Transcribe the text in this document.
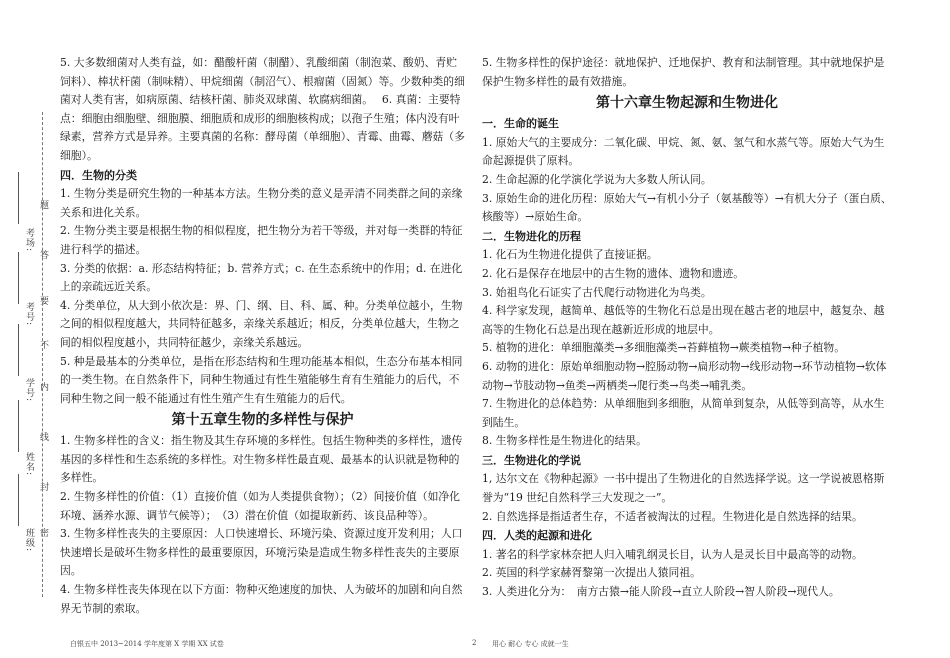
考场:
考号:
学号:
姓名:
班级:
题
答
要
不
内
线
封
密

5. 大多数细菌对人类有益，如：醋酸杆菌（制醋）、乳酸细菌（制泡菜、酸奶、青贮饲料）、棒状杆菌（制味精）、甲烷细菌（制沼气）、根瘤菌（固氮）等。少数种类的细菌对人类有害，如病原菌、结核杆菌、肺炎双球菌、软腐病细菌。　 6. 真菌：主要特点：细胞由细胞壁、细胞膜、细胞质和成形的细胞核构成；以孢子生殖；体内没有叶绿素，营养方式是异养。主要真菌的名称：酵母菌（单细胞）、青霉、曲霉、蘑菇（多细胞）。

四．生物的分类

1. 生物分类是研究生物的一种基本方法。生物分类的意义是弄清不同类群之间的亲缘关系和进化关系。

2. 生物分类主要是根据生物的相似程度，把生物分为若干等级，并对每一类群的特征进行科学的描述。

3. 分类的依据：a. 形态结构特征；b. 营养方式；c. 在生态系统中的作用；d. 在进化上的亲疏远近关系。

4. 分类单位，从大到小依次是：界、门、纲、目、科、属、种。分类单位越小，生物之间的相似程度越大，共同特征越多，亲缘关系越近；相反，分类单位越大，生物之间的相似程度越小，共同特征越少，亲缘关系越远。

5. 种是最基本的分类单位，是指在形态结构和生理功能基本相似，生态分布基本相同的一类生物。在自然条件下，同种生物通过有性生殖能够生育有生殖能力的后代，不同种生物之间一般不能通过有性生殖产生有生殖能力的后代。

第十五章生物的多样性与保护

1. 生物多样性的含义：指生物及其生存环境的多样性。包括生物种类的多样性，遗传基因的多样性和生态系统的多样性。对生物多样性最直观、最基本的认识就是物种的多样性。

2. 生物多样性的价值：（1）直接价值（如为人类提供食物）；（2）间接价值（如净化环境、涵养水源、调节气候等）；　（3）潜在价值（如提取新药、该良品种等）。

3. 生物多样性丧失的主要原因：人口快速增长、环境污染、资源过度开发利用；人口快速增长是破坏生物多样性的最重要原因，环境污染是造成生物多样性丧失的主要原因。

4. 生物多样性丧失体现在以下方面：物种灭绝速度的加快、人为破坏的加剧和向自然界无节制的索取。

5. 生物多样性的保护途径：就地保护、迁地保护、教育和法制管理。其中就地保护是保护生物多样性的最有效措施。

第十六章生物起源和生物进化

一．生命的诞生

1. 原始大气的主要成分：二氧化碳、甲烷、氮、氨、氢气和水蒸气等。原始大气为生命起源提供了原料。

2. 生命起源的化学演化学说为大多数人所认同。

3. 原始生命的进化历程：原始大气→有机小分子（氨基酸等）→有机大分子（蛋白质、核酸等）→原始生命。

二．生物进化的历程

1. 化石为生物进化提供了直接证据。

2. 化石是保存在地层中的古生物的遗体、遗物和遗迹。

3. 始祖鸟化石证实了古代爬行动物进化为鸟类。

4. 科学家发现，越简单、越低等的生物化石总是出现在越古老的地层中，越复杂、越高等的生物化石总是出现在越新近形成的地层中。

5. 植物的进化：单细胞藻类→多细胞藻类→苔藓植物→蕨类植物→种子植物。

6. 动物的进化：原始单细胞动物→腔肠动物→扁形动物→线形动物→环节动植物→软体动物→节肢动物→鱼类→两栖类→爬行类→鸟类→哺乳类。

7. 生物进化的总体趋势：从单细胞到多细胞，从简单到复杂，从低等到高等，从水生到陆生。

8. 生物多样性是生物进化的结果。

三．生物进化的学说

1, 达尔文在《物种起源》一书中提出了生物进化的自然选择学说。这一学说被恩格斯誉为“19 世纪自然科学三大发现之一”。

2. 自然选择是指适者生存，不适者被淘汰的过程。生物进化是自然选择的结果。

四．人类的起源和进化

1. 著名的科学家林奈把人归入哺乳纲灵长目，认为人是灵长目中最高等的动物。

2. 英国的科学家赫胥黎第一次提出人猿同祖。

3. 人类进化分为：　南方古猿→能人阶段→直立人阶段→智人阶段→现代人。

白银五中 2013~2014 学年度第 X 学期 XX 试卷	2 用心 耐心 专心 成就一生
